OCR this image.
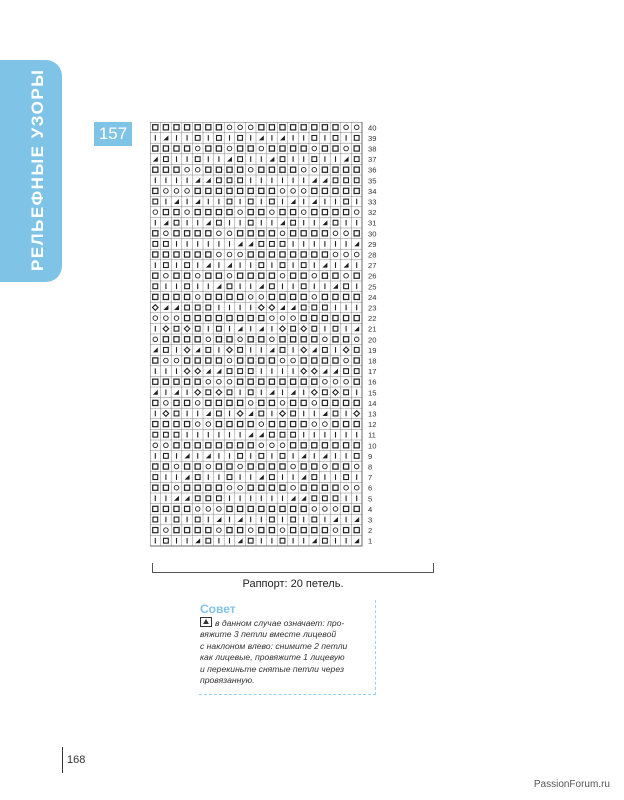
РЕЛЬЕФНЫЕ УЗОРЫ	157	40
39
38
37
36
35
34
33
32
31
30
29
28
27
26
25
24
23
22
21
20
19
18
17
16
15
14
13
12
11
10
9
8
7
6
5
4
3
2
1
Раппорт: 20 петель.
Совет
в данном случае означает: про-
вяжите 3 петли вместе лицевой
с наклоном влево: снимите 2 петли
как лицевые, провяжите 1 лицевую
и перекиньте снятые петли через
провязанную.
168
PassionForum.ru
